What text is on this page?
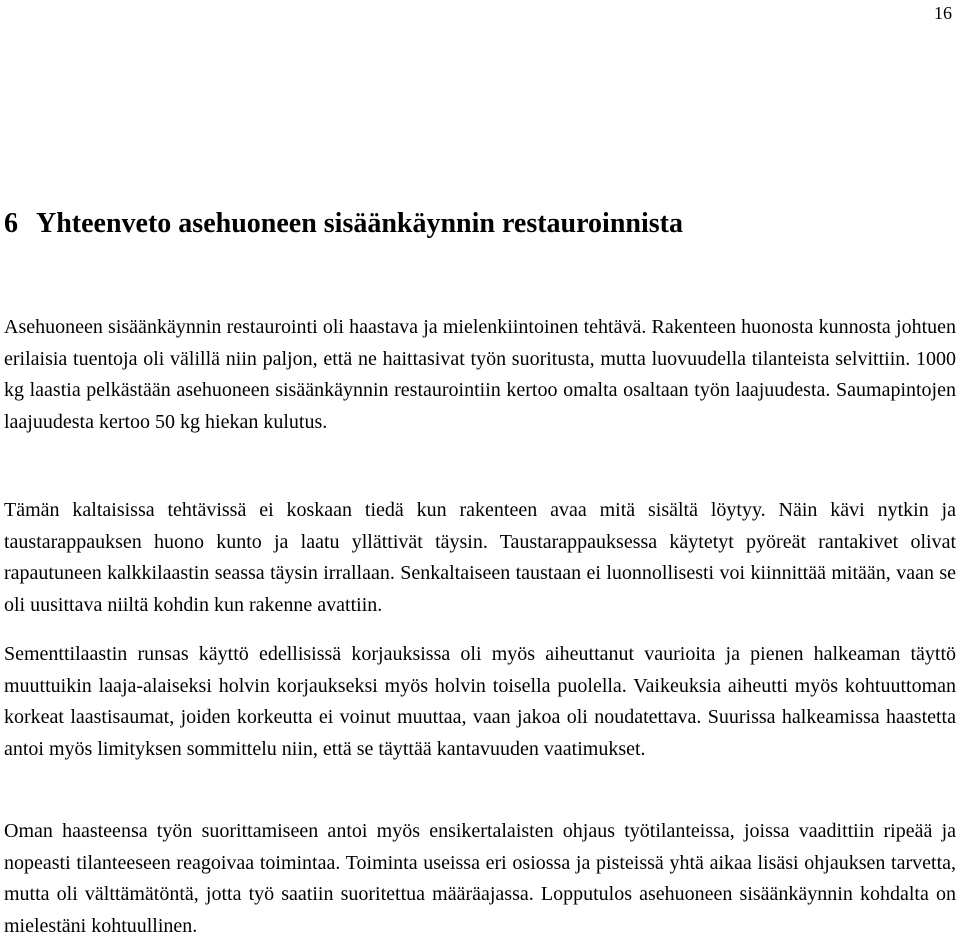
16
6 Yhteenveto asehuoneen sisäänkäynnin restauroinnista

Asehuoneen sisäänkäynnin restaurointi oli haastava ja mielenkiintoinen tehtävä. Rakenteen huonosta kunnosta johtuen erilaisia tuentoja oli välillä niin paljon, että ne haittasivat työn suoritusta, mutta luovuudella tilanteista selvittiin. 1000 kg laastia pelkästään asehuoneen sisäänkäynnin restaurointiin kertoo omalta osaltaan työn laajuudesta. Saumapintojen laajuudesta kertoo 50 kg hiekan kulutus.

Tämän kaltaisissa tehtävissä ei koskaan tiedä kun rakenteen avaa mitä sisältä löytyy. Näin kävi nytkin ja taustarappauksen huono kunto ja laatu yllättivät täysin. Taustarappauksessa käytetyt pyöreät rantakivet olivat rapautuneen kalkkilaastin seassa täysin irrallaan. Senkaltaiseen taustaan ei luonnollisesti voi kiinnittää mitään, vaan se oli uusittava niiltä kohdin kun rakenne avattiin.

Sementtilaastin runsas käyttö edellisissä korjauksissa oli myös aiheuttanut vaurioita ja pienen halkeaman täyttö muuttuikin laaja-alaiseksi holvin korjaukseksi myös holvin toisella puolella. Vaikeuksia aiheutti myös kohtuuttoman korkeat laastisaumat, joiden korkeutta ei voinut muuttaa, vaan jakoa oli noudatettava. Suurissa halkeamissa haastetta antoi myös limityksen sommittelu niin, että se täyttää kantavuuden vaatimukset.

Oman haasteensa työn suorittamiseen antoi myös ensikertalaisten ohjaus työtilanteissa, joissa vaadittiin ripeää ja nopeasti tilanteeseen reagoivaa toimintaa. Toiminta useissa eri osiossa ja pisteissä yhtä aikaa lisäsi ohjauksen tarvetta, mutta oli välttämätöntä, jotta työ saatiin suoritettua määräajassa. Lopputulos asehuoneen sisäänkäynnin kohdalta on mielestäni kohtuullinen.
